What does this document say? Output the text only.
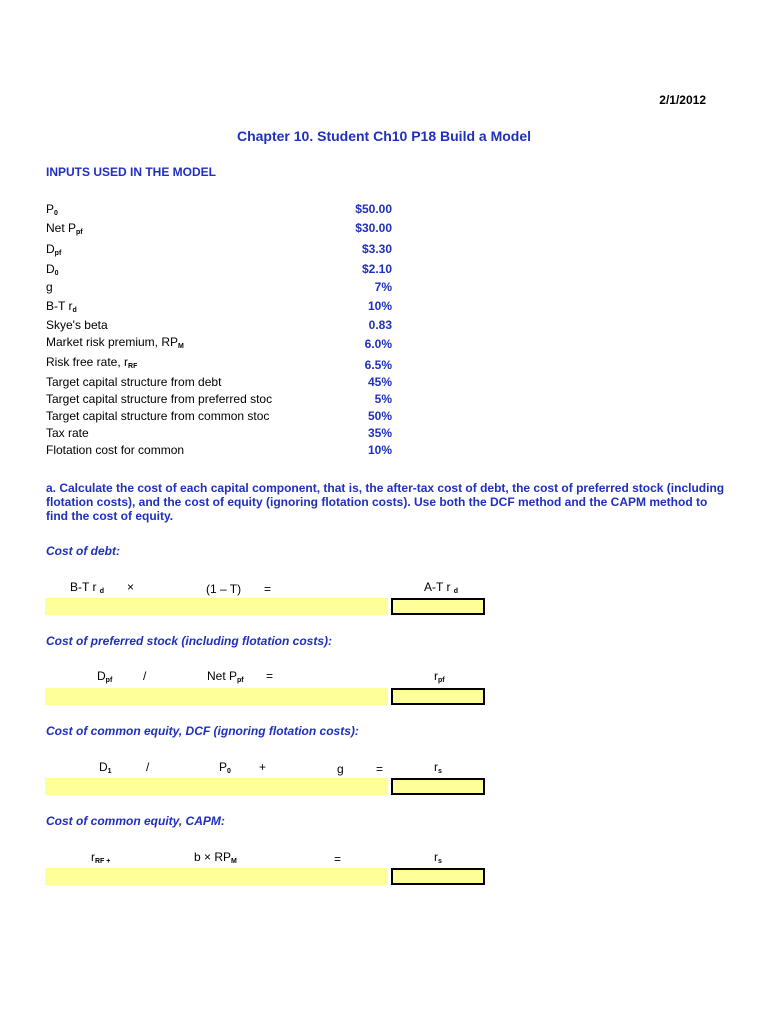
2/1/2012
Chapter 10. Student Ch10 P18 Build a Model
INPUTS USED IN THE MODEL
$P_0$	$50.00
Net $P_{pf}$	$30.00
$D_{pf}$	$3.30
$D_0$	$2.10
g	7%
B-T $r_d$	10%
Skye's beta	0.83
Market risk premium, $RP_M$	6.0%
Risk free rate, $r_{RF}$	6.5%
Target capital structure from debt	45%
Target capital structure from preferred stoc	5%
Target capital structure from common stoc	50%
Tax rate	35%
Flotation cost for common	10%
a. Calculate the cost of each capital component, that is, the after-tax cost of debt, the cost of preferred stock (including flotation costs), and the cost of equity (ignoring flotation costs). Use both the DCF method and the CAPM method to find the cost of equity.
Cost of debt:
B-T r $_d$ ×	(1 – T) =	A-T r $_d$
Cost of preferred stock (including flotation costs):
$D_{pf}$	/	Net $P_{pf}$ =	$r_{pf}$
Cost of common equity, DCF (ignoring flotation costs):
$D_1$	/	$P_0$ +	g	=	$r_s$
Cost of common equity, CAPM:
$r_{RF +}$	$b \times RP_M$	=	$r_s$
